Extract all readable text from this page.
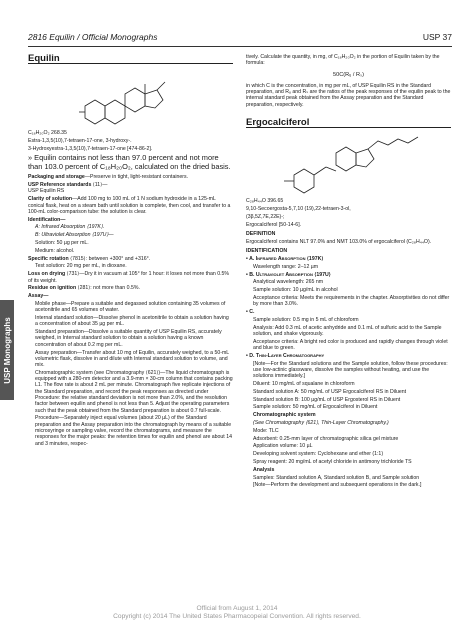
2816 Equilin / Official Monographs	USP 37
USP Monographs
Equilin
C₁₈H₂₀O₂ 268.35
Estra-1,3,5(10),7-tetraen-17-one, 3-hydroxy-.
3-Hydroxyestra-1,3,5(10),7-tetraen-17-one [474-86-2].
» Equilin contains not less than 97.0 percent and not more than 103.0 percent of C₁₈H₂₀O₂, calculated on the dried basis.
Packaging and storage—Preserve in tight, light-resistant containers.
USP Reference standards ⟨11⟩—
USP Equilin RS
Clarity of solution—Add 100 mg to 100 mL of 1 N sodium hydroxide in a 125-mL conical flask, heat on a steam bath until solution is complete, then cool, and transfer to a 100-mL color-comparison tube: the solution is clear.
Identification—
A: Infrared Absorption ⟨197K⟩.
B: Ultraviolet Absorption ⟨197U⟩—
Solution: 50 µg per mL.
Medium: alcohol.
Specific rotation ⟨7815⟩: between +300° and +316°.
Test solution: 20 mg per mL, in dioxane.
Loss on drying ⟨731⟩—Dry it in vacuum at 105° for 1 hour: it loses not more than 0.5% of its weight.
Residue on ignition ⟨281⟩: not more than 0.5%.
Assay—
Mobile phase—Prepare a suitable and degassed solution containing 35 volumes of acetonitrile and 65 volumes of water.
Internal standard solution—Dissolve phenol in acetonitrile to obtain a solution having a concentration of about 35 µg per mL.
Standard preparation—Dissolve a suitable quantity of USP Equilin RS, accurately weighed, in Internal standard solution to obtain a solution having a known concentration of about 0.2 mg per mL.
Assay preparation—Transfer about 10 mg of Equilin, accurately weighed, to a 50-mL volumetric flask, dissolve in and dilute with Internal standard solution to volume, and mix.
Chromatographic system (see Chromatography ⟨621⟩)—The liquid chromatograph is equipped with a 280-nm detector and a 3.9-mm × 30-cm column that contains packing L1. The flow rate is about 2 mL per minute. Chromatograph five replicate injections of the Standard preparation, and record the peak responses as directed under Procedure: the relative standard deviation is not more than 2.0%, and the resolution factor between equilin and phenol is not less than 5. Adjust the operating parameters such that the peak obtained from the Standard preparation is about 0.7 full-scale.
Procedure—Separately inject equal volumes (about 20 µL) of the Standard preparation and the Assay preparation into the chromatograph by means of a suitable microsyringe or sampling valve, record the chromatograms, and measure the responses for the major peaks: the retention times for equilin and phenol are about 14 and 3 minutes, respec-
tively. Calculate the quantity, in mg, of C₁₈H₂₀O₂ in the portion of Equilin taken by the formula:
50C(Rᵤ / Rₛ)
in which C is the concentration, in mg per mL, of USP Equilin RS in the Standard preparation, and Rᵤ and Rₛ are the ratios of the peak responses of the equilin peak to the internal standard peak obtained from the Assay preparation and the Standard preparation, respectively.
Ergocalciferol
C₂₈H₄₄O 396.65
9,10-Secoergosta-5,7,10 (19),22-tetraen-3-ol,
(3β,5Z,7E,22E)-;
Ergocalciferol [50-14-6].
DEFINITION
Ergocalciferol contains NLT 97.0% and NMT 103.0% of ergocalciferol (C₂₈H₄₄O).
IDENTIFICATION
• A. Infrared Absorption ⟨197K⟩
Wavelength range: 2–12 µm
• B. Ultraviolet Absorption ⟨197U⟩
Analytical wavelength: 265 nm
Sample solution: 10 µg/mL in alcohol
Acceptance criteria: Meets the requirements in the chapter. Absorptivities do not differ by more than 3.0%.
• C.
Sample solution: 0.5 mg in 5 mL of chloroform
Analysis: Add 0.3 mL of acetic anhydride and 0.1 mL of sulfuric acid to the Sample solution, and shake vigorously.
Acceptance criteria: A bright red color is produced and rapidly changes through violet and blue to green.
• D. Thin-Layer Chromatography
[Note—For the Standard solutions and the Sample solution, follow these procedures: use low-actinic glassware, dissolve the samples without heating, and use the solutions immediately.]
Diluent: 10 mg/mL of squalane in chloroform
Standard solution A: 50 mg/mL of USP Ergocalciferol RS in Diluent
Standard solution B: 100 µg/mL of USP Ergosterol RS in Diluent
Sample solution: 50 mg/mL of Ergocalciferol in Diluent
Chromatographic system
(See Chromatography ⟨621⟩, Thin-Layer Chromatography.)
Mode: TLC
Adsorbent: 0.25-mm layer of chromatographic silica gel mixture
Application volume: 10 µL
Developing solvent system: Cyclohexane and ether (1:1)
Spray reagent: 20 mg/mL of acetyl chloride in antimony trichloride TS
Analysis
Samples: Standard solution A, Standard solution B, and Sample solution
[Note—Perform the development and subsequent operations in the dark.]
Official from August 1, 2014
Copyright (c) 2014 The United States Pharmacopeial Convention. All rights reserved.
